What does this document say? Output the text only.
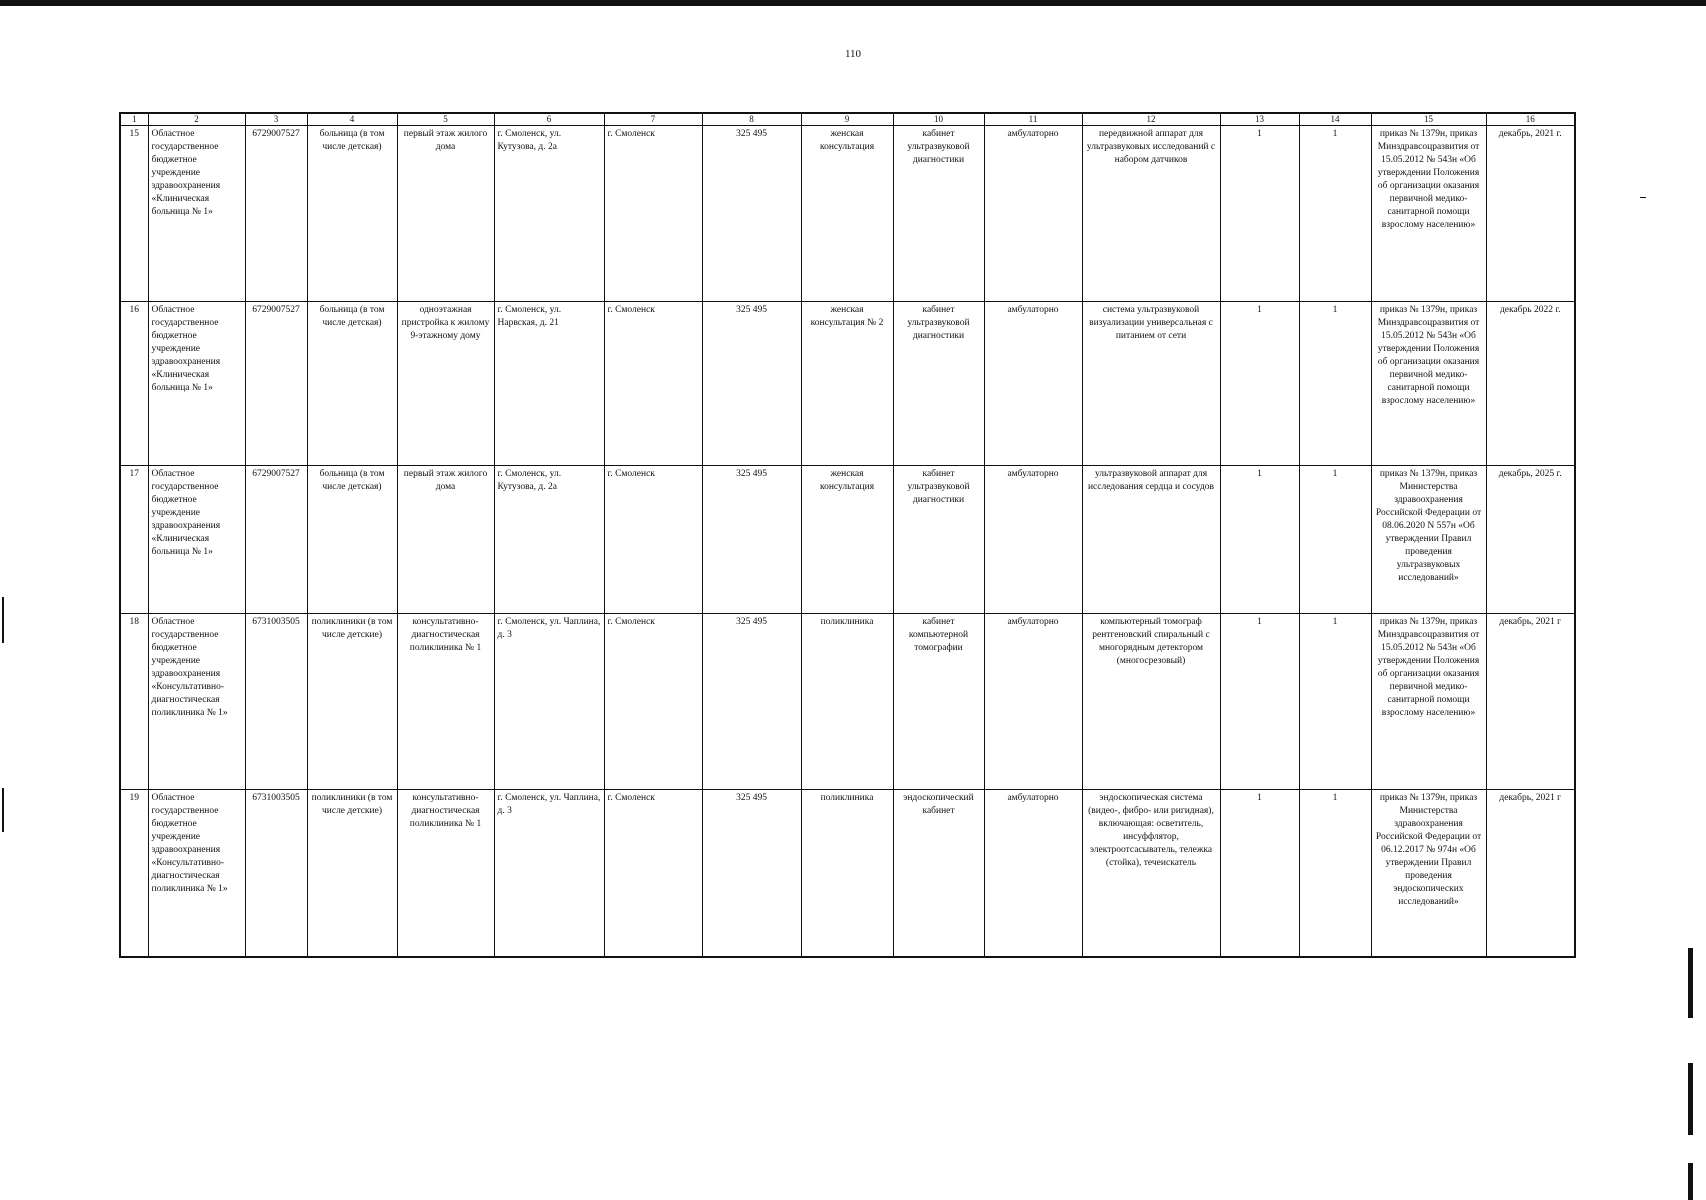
110
1	2	3	4	5	6	7	8	9	10	11	12	13	14	15	16
15	Областное государственное бюджетное учреждение здравоохранения «Клиническая больница № 1»	6729007527	больница (в том числе детская)	первый этаж жилого дома	г. Смоленск, ул. Кутузова, д. 2а	г. Смоленск	325 495	женская консультация	кабинет ультразвуковой диагностики	амбулаторно	передвижной аппарат для ультразвуковых исследований с набором датчиков	1	1	приказ № 1379н, приказ Минздравсоцразвития от 15.05.2012 № 543н «Об утверждении Положения об организации оказания первичной медико-санитарной помощи взрослому населению»	декабрь, 2021 г.
16	Областное государственное бюджетное учреждение здравоохранения «Клиническая больница № 1»	6729007527	больница (в том числе детская)	одноэтажная пристройка к жилому 9-этажному дому	г. Смоленск, ул. Нарвская, д. 21	г. Смоленск	325 495	женская консультация № 2	кабинет ультразвуковой диагностики	амбулаторно	система ультразвуковой визуализации универсальная с питанием от сети	1	1	приказ № 1379н, приказ Минздравсоцразвития от 15.05.2012 № 543н «Об утверждении Положения об организации оказания первичной медико-санитарной помощи взрослому населению»	декабрь 2022 г.
17	Областное государственное бюджетное учреждение здравоохранения «Клиническая больница № 1»	6729007527	больница (в том числе детская)	первый этаж жилого дома	г. Смоленск, ул. Кутузова, д. 2а	г. Смоленск	325 495	женская консультация	кабинет ультразвуковой диагностики	амбулаторно	ультразвуковой аппарат для исследования сердца и сосудов	1	1	приказ № 1379н, приказ Министерства здравоохранения Российской Федерации от 08.06.2020 N 557н «Об утверждении Правил проведения ультразвуковых исследований»	декабрь, 2025 г.
18	Областное государственное бюджетное учреждение здравоохранения «Консультативно-диагностическая поликлиника № 1»	6731003505	поликлиники (в том числе детские)	консультативно-диагностическая поликлиника № 1	г. Смоленск, ул. Чаплина, д. 3	г. Смоленск	325 495	поликлиника	кабинет компьютерной томографии	амбулаторно	компьютерный томограф рентгеновский спиральный с многорядным детектором (многосрезовый)	1	1	приказ № 1379н, приказ Минздравсоцразвития от 15.05.2012 № 543н «Об утверждении Положения об организации оказания первичной медико-санитарной помощи взрослому населению»	декабрь, 2021 г
19	Областное государственное бюджетное учреждение здравоохранения «Консультативно-диагностическая поликлиника № 1»	6731003505	поликлиники (в том числе детские)	консультативно-диагностическая поликлиника № 1	г. Смоленск, ул. Чаплина, д. 3	г. Смоленск	325 495	поликлиника	эндоскопический кабинет	амбулаторно	эндоскопическая система (видео-, фибро- или ригидная), включающая: осветитель, инсуффлятор, электроотсасыватель, тележка (стойка), течеискатель	1	1	приказ № 1379н, приказ Министерства здравоохранения Российской Федерации от 06.12.2017 № 974н «Об утверждении Правил проведения эндоскопических исследований»	декабрь, 2021 г
